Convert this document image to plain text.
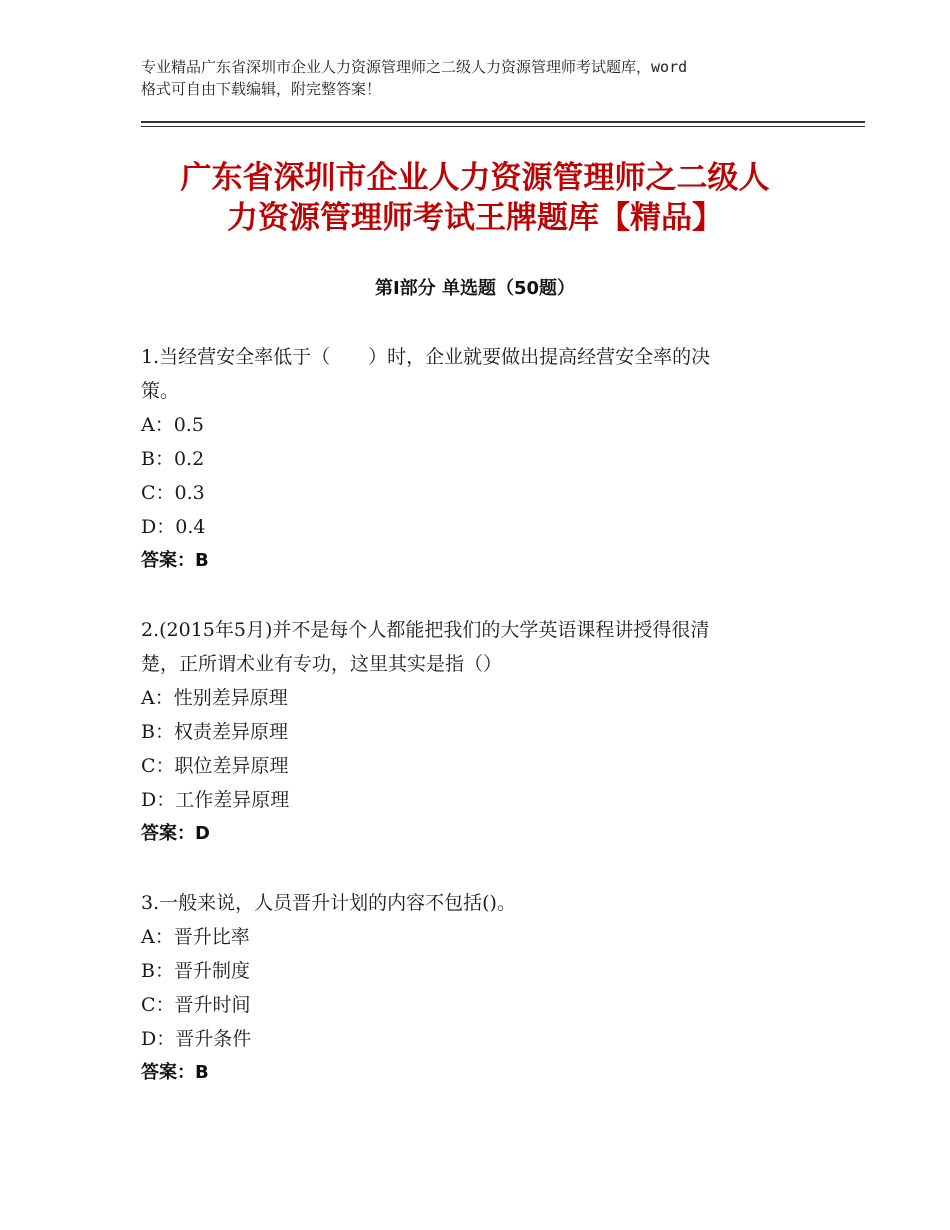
专业精品广东省深圳市企业人力资源管理师之二级人力资源管理师考试题库，word
格式可自由下载编辑，附完整答案！
广东省深圳市企业人力资源管理师之二级人
力资源管理师考试王牌题库【精品】
第Ⅰ部分 单选题（50题）
1.当经营安全率低于（　　）时，企业就要做出提高经营安全率的决
策。
A：0.5
B：0.2
C：0.3
D：0.4
答案：B
2.(2015年5月)并不是每个人都能把我们的大学英语课程讲授得很清
楚，正所谓术业有专功，这里其实是指（）
A：性别差异原理
B：权责差异原理
C：职位差异原理
D：工作差异原理
答案：D
3.一般来说，人员晋升计划的内容不包括()。
A：晋升比率
B：晋升制度
C：晋升时间
D：晋升条件
答案：B
